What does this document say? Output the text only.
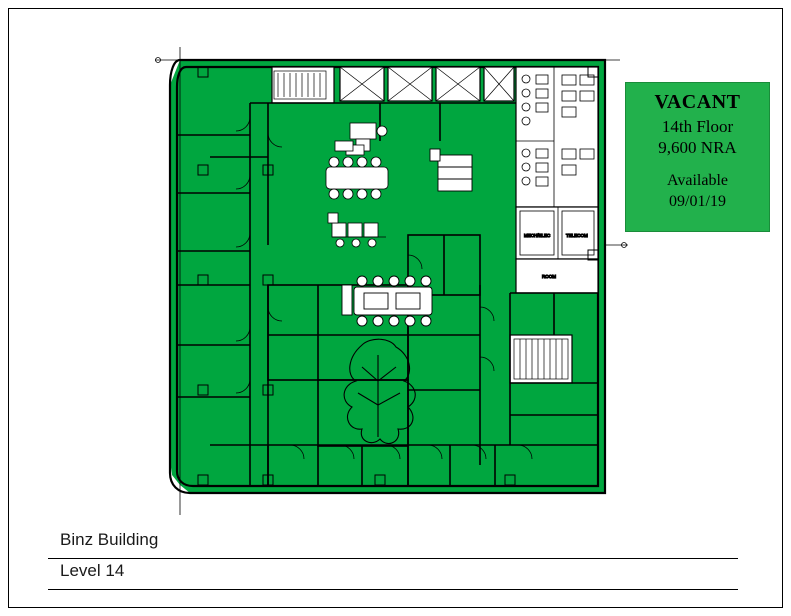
MECH/ELEC	TELECOM
ROOM
VACANT
14th Floor
9,600 NRA
Available
09/01/19
Binz Building
Level 14
